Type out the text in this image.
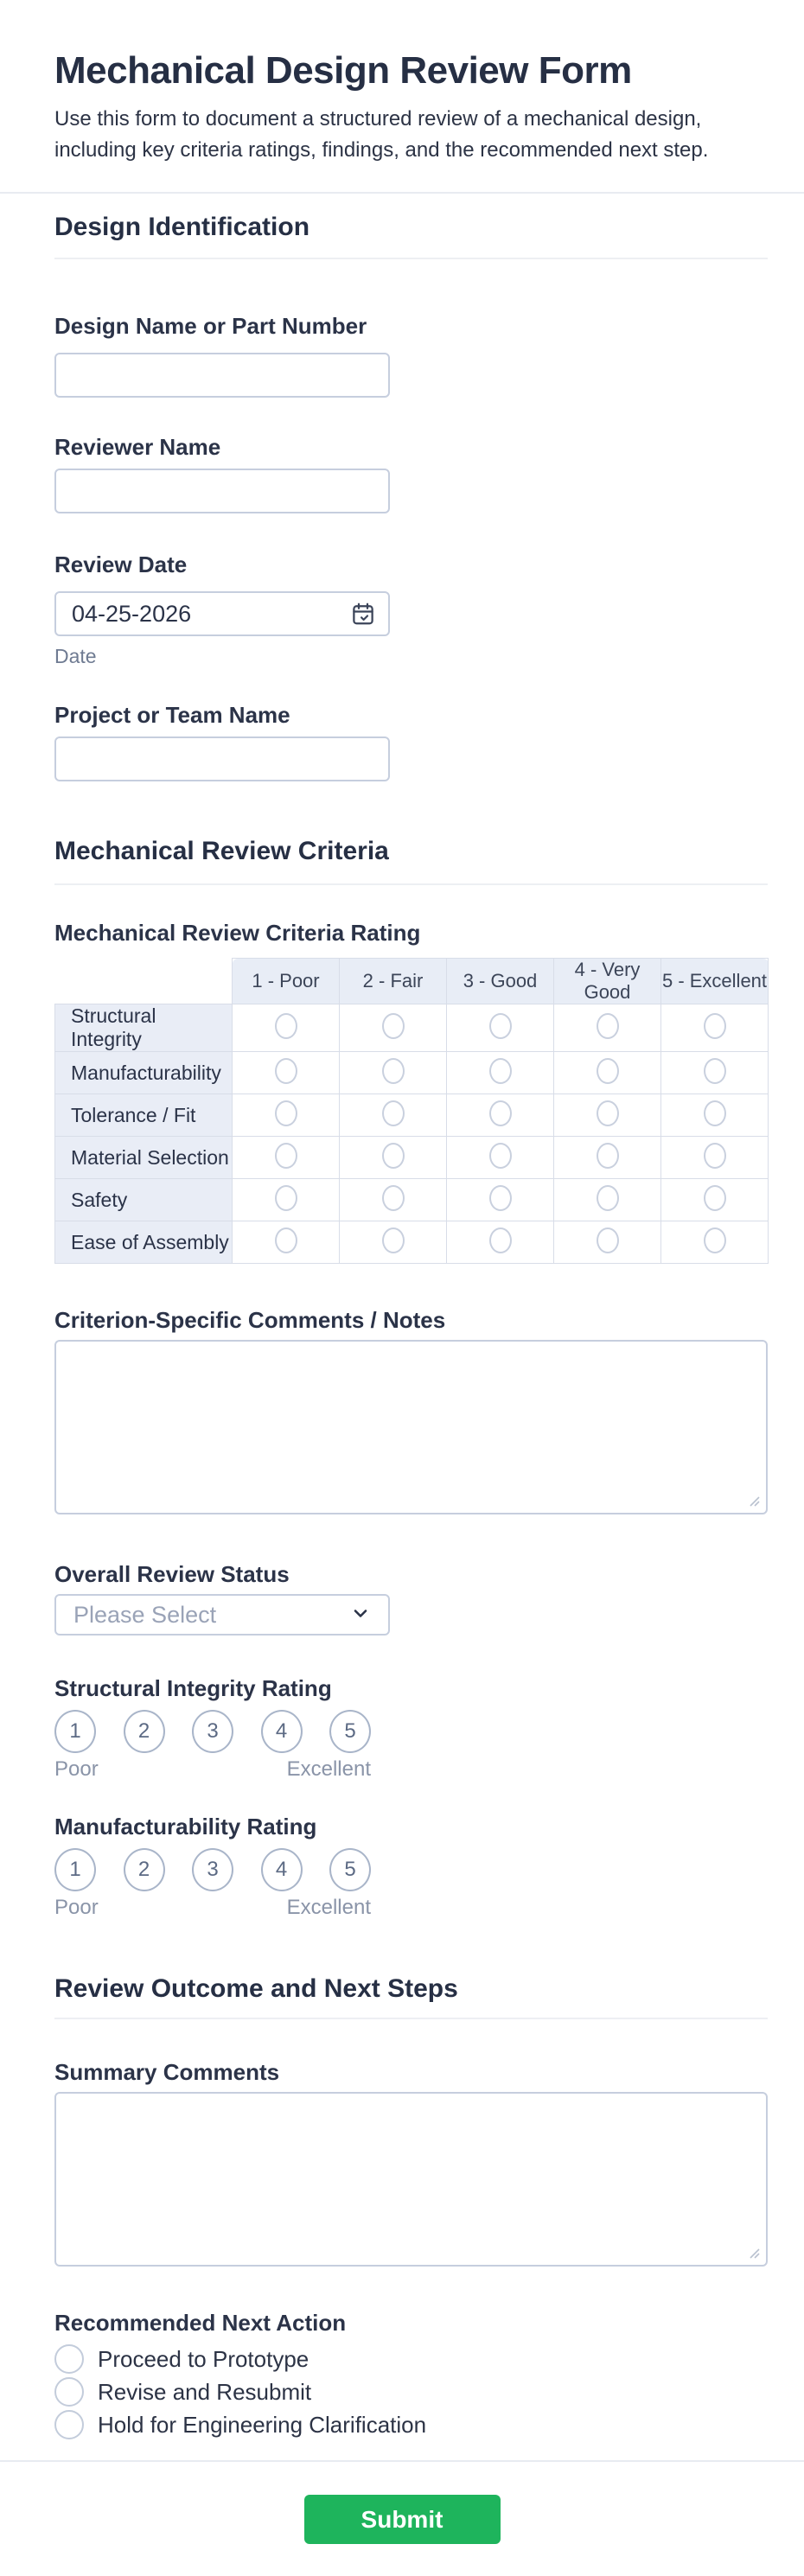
Mechanical Design Review Form

Use this form to document a structured review of a mechanical design, including key criteria ratings, findings, and the recommended next step.

Design Identification
Design Name or Part Number
Reviewer Name
Review Date
04-25-2026
Date
Project or Team Name
Mechanical Review Criteria
Mechanical Review Criteria Rating
	1 - Poor	2 - Fair	3 - Good	4 - Very Good	5 - Excellent
Structural Integrity					
Manufacturability					
Tolerance / Fit					
Material Selection					
Safety					
Ease of Assembly					
Criterion-Specific Comments / Notes
Overall Review Status
Please Select
Structural Integrity Rating
1	2	3	4	5
Poor	Excellent
Manufacturability Rating
1	2	3	4	5
Poor	Excellent
Review Outcome and Next Steps
Summary Comments
Recommended Next Action
Proceed to Prototype
Revise and Resubmit
Hold for Engineering Clarification
Submit
